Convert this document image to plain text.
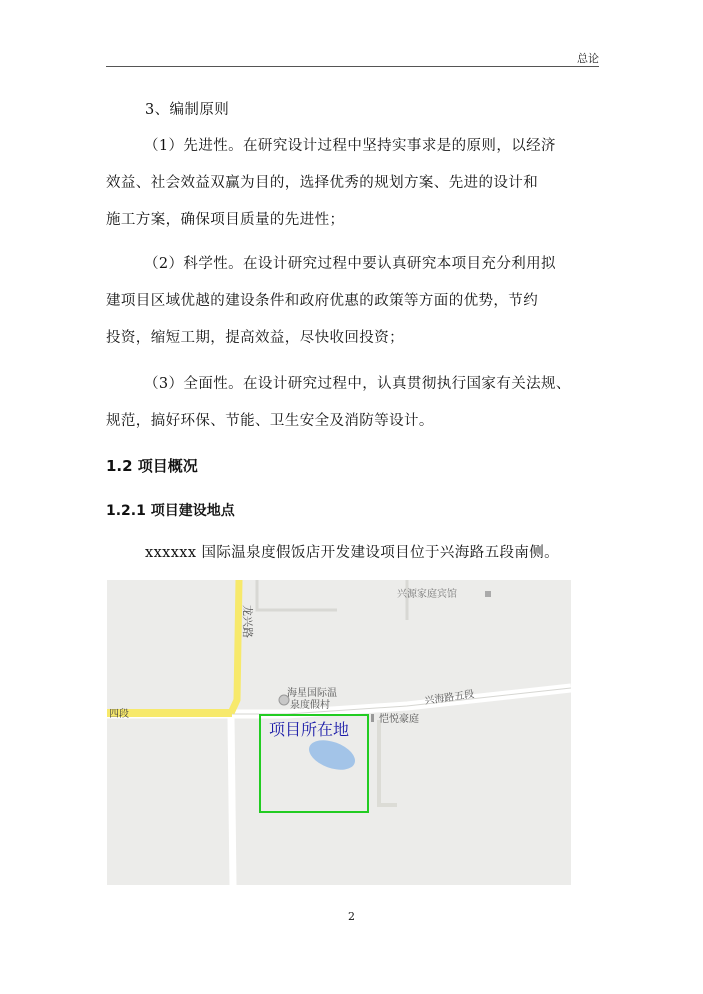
总论
3、编制原则
（1）先进性。在研究设计过程中坚持实事求是的原则，以经济
效益、社会效益双赢为目的，选择优秀的规划方案、先进的设计和
施工方案，确保项目质量的先进性；
（2）科学性。在设计研究过程中要认真研究本项目充分利用拟
建项目区域优越的建设条件和政府优惠的政策等方面的优势，节约
投资，缩短工期，提高效益，尽快收回投资；
（3）全面性。在设计研究过程中，认真贯彻执行国家有关法规、
规范，搞好环保、节能、卫生安全及消防等设计。
1.2 项目概况
1.2.1 项目建设地点
xxxxxx 国际温泉度假饭店开发建设项目位于兴海路五段南侧。
龙兴路
四段
兴海路五段
兴源家庭宾馆
海星国际温
泉度假村
恺悦豪庭
项目所在地
2
